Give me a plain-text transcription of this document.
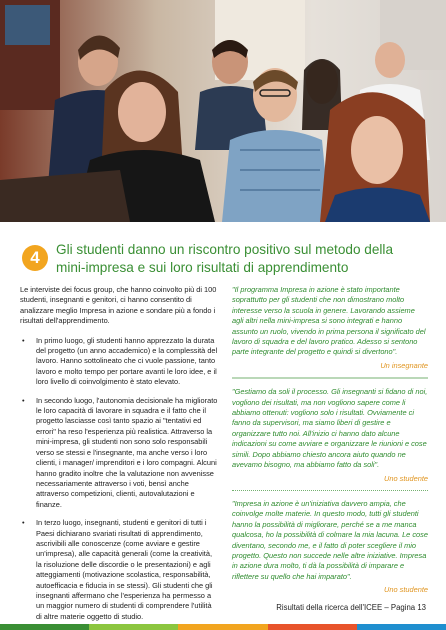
4	Gli studenti danno un riscontro positivo sul metodo della mini-impresa e sui loro risultati di apprendimento

Le interviste dei focus group, che hanno coinvolto più di 100 studenti, insegnanti e genitori, ci hanno consentito di analizzare meglio Impresa in azione e sondare più a fondo i risultati dell'apprendimento.

• In primo luogo, gli studenti hanno apprezzato la durata del progetto (un anno accademico) e la complessità del lavoro. Hanno sottolineato che ci vuole passione, tanto lavoro e molto tempo per portare avanti le loro idee, e il loro livello di coinvolgimento è stato elevato.
• In secondo luogo, l'autonomia decisionale ha migliorato le loro capacità di lavorare in squadra e il fatto che il progetto lasciasse così tanto spazio ai "tentativi ed errori" ha reso l'esperienza più realistica. Attraverso la mini-impresa, gli studenti non sono solo responsabili verso se stessi e l'insegnante, ma anche verso i loro clienti, i manager/ imprenditori e i loro compagni. Alcuni hanno gradito inoltre che la valutazione non avvenisse necessariamente attraverso i voti, bensì anche attraverso competizioni, clienti, autovalutazioni e finanze.
• In terzo luogo, insegnanti, studenti e genitori di tutti i Paesi dichiarano svariati risultati di apprendimento, ascrivibili alle conoscenze (come avviare e gestire un'impresa), alle capacità generali (come la creatività, la risoluzione delle discordie o le presentazioni) e agli atteggiamenti (motivazione scolastica, responsabilità, autoefficacia e fiducia in se stessi). Gli studenti che gli insegnanti affermano che l'esperienza ha permesso a un maggior numero di studenti di comprendere l'utilità di altre materie oggetto di studio.

"Il programma Impresa in azione è stato importante soprattutto per gli studenti che non dimostrano molto interesse verso la scuola in genere. Lavorando assieme agli altri nella mini-impresa si sono integrati e hanno assunto un ruolo, vivendo in prima persona il significato del lavoro di squadra e del lavoro pratico. Adesso si sentono parte integrante del progetto e quindi si divertono".

Un insegnante

"Gestiamo da soli il processo. Gli insegnanti si fidano di noi, vogliono dei risultati, ma non vogliono sapere come li abbiamo ottenuti: vogliono solo i risultati. Ovviamente ci fanno da supervisori, ma siamo liberi di gestire e organizzare tutto noi. All'inizio ci hanno dato alcune indicazioni su come avviare e organizzare le riunioni e cose simili. Dopo abbiamo chiesto ancora aiuto quando ne avevamo bisogno, ma abbiamo fatto da soli".

Uno studente

"Impresa in azione è un'iniziativa davvero ampia, che coinvolge molte materie. In questo modo, tutti gli studenti hanno la possibilità di migliorare, perché se a me manca qualcosa, ho la possibilità di colmare la mia lacuna. Le cose diventano, secondo me, e il fatto di poter scegliere il mio progetto. Questo non succede nelle altre iniziative. Impresa in azione dura molto, ti dà la possibilità di imparare e riflettere su quello che hai imparato".

Uno studente

Risultati della ricerca dell'ICEE – Pagina 13
